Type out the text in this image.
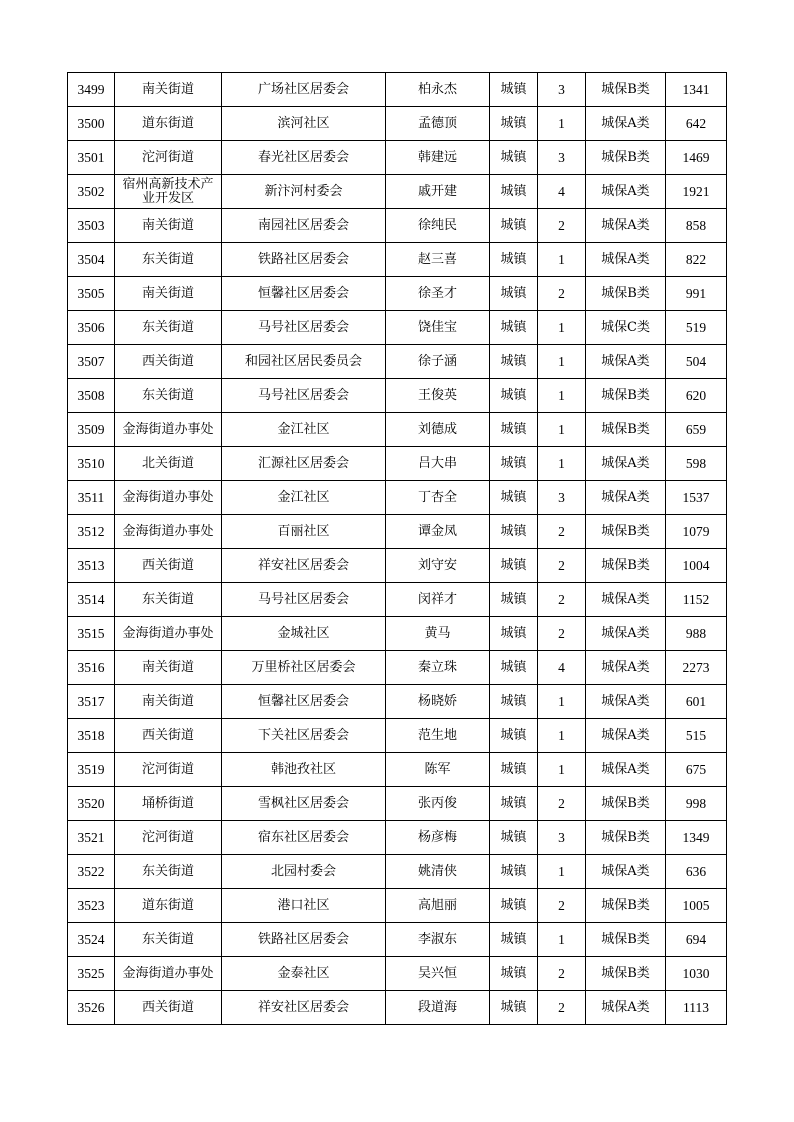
3499	南关街道	广场社区居委会	柏永杰	城镇	3	城保B类	1341
3500	道东街道	滨河社区	孟德顶	城镇	1	城保A类	642
3501	沱河街道	春光社区居委会	韩建远	城镇	3	城保B类	1469
3502	宿州高新技术产业开发区	新汴河村委会	戚开建	城镇	4	城保A类	1921
3503	南关街道	南园社区居委会	徐纯民	城镇	2	城保A类	858
3504	东关街道	铁路社区居委会	赵三喜	城镇	1	城保A类	822
3505	南关街道	恒馨社区居委会	徐圣才	城镇	2	城保B类	991
3506	东关街道	马号社区居委会	饶佳宝	城镇	1	城保C类	519
3507	西关街道	和园社区居民委员会	徐子涵	城镇	1	城保A类	504
3508	东关街道	马号社区居委会	王俊英	城镇	1	城保B类	620
3509	金海街道办事处	金江社区	刘德成	城镇	1	城保B类	659
3510	北关街道	汇源社区居委会	吕大串	城镇	1	城保A类	598
3511	金海街道办事处	金江社区	丁杏全	城镇	3	城保A类	1537
3512	金海街道办事处	百丽社区	谭金凤	城镇	2	城保B类	1079
3513	西关街道	祥安社区居委会	刘守安	城镇	2	城保B类	1004
3514	东关街道	马号社区居委会	闵祥才	城镇	2	城保A类	1152
3515	金海街道办事处	金城社区	黄马	城镇	2	城保A类	988
3516	南关街道	万里桥社区居委会	秦立珠	城镇	4	城保A类	2273
3517	南关街道	恒馨社区居委会	杨晓娇	城镇	1	城保A类	601
3518	西关街道	下关社区居委会	范生地	城镇	1	城保A类	515
3519	沱河街道	韩池孜社区	陈军	城镇	1	城保A类	675
3520	埇桥街道	雪枫社区居委会	张丙俊	城镇	2	城保B类	998
3521	沱河街道	宿东社区居委会	杨彦梅	城镇	3	城保B类	1349
3522	东关街道	北园村委会	姚清侠	城镇	1	城保A类	636
3523	道东街道	港口社区	高旭丽	城镇	2	城保B类	1005
3524	东关街道	铁路社区居委会	李淑东	城镇	1	城保B类	694
3525	金海街道办事处	金泰社区	吴兴恒	城镇	2	城保B类	1030
3526	西关街道	祥安社区居委会	段道海	城镇	2	城保A类	1113
